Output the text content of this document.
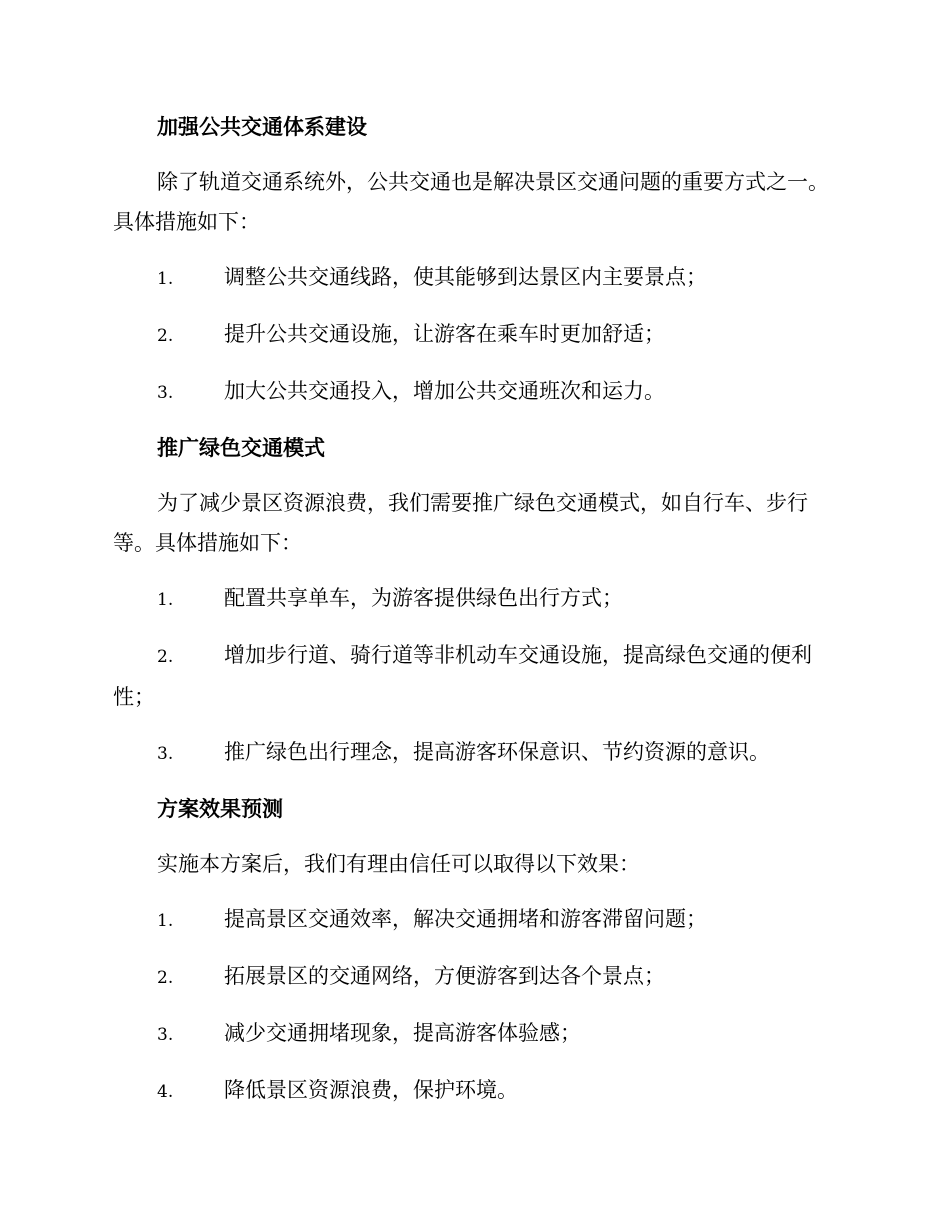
加强公共交通体系建设

除了轨道交通系统外，公共交通也是解决景区交通问题的重要方式之一。具体措施如下：

1. 调整公共交通线路，使其能够到达景区内主要景点；

2. 提升公共交通设施，让游客在乘车时更加舒适；

3. 加大公共交通投入，增加公共交通班次和运力。

推广绿色交通模式

为了减少景区资源浪费，我们需要推广绿色交通模式，如自行车、步行等。具体措施如下：

1. 配置共享单车，为游客提供绿色出行方式；

2. 增加步行道、骑行道等非机动车交通设施，提高绿色交通的便利性；

3. 推广绿色出行理念，提高游客环保意识、节约资源的意识。

方案效果预测

实施本方案后，我们有理由信任可以取得以下效果：

1. 提高景区交通效率，解决交通拥堵和游客滞留问题；

2. 拓展景区的交通网络，方便游客到达各个景点；

3. 减少交通拥堵现象，提高游客体验感；

4. 降低景区资源浪费，保护环境。
